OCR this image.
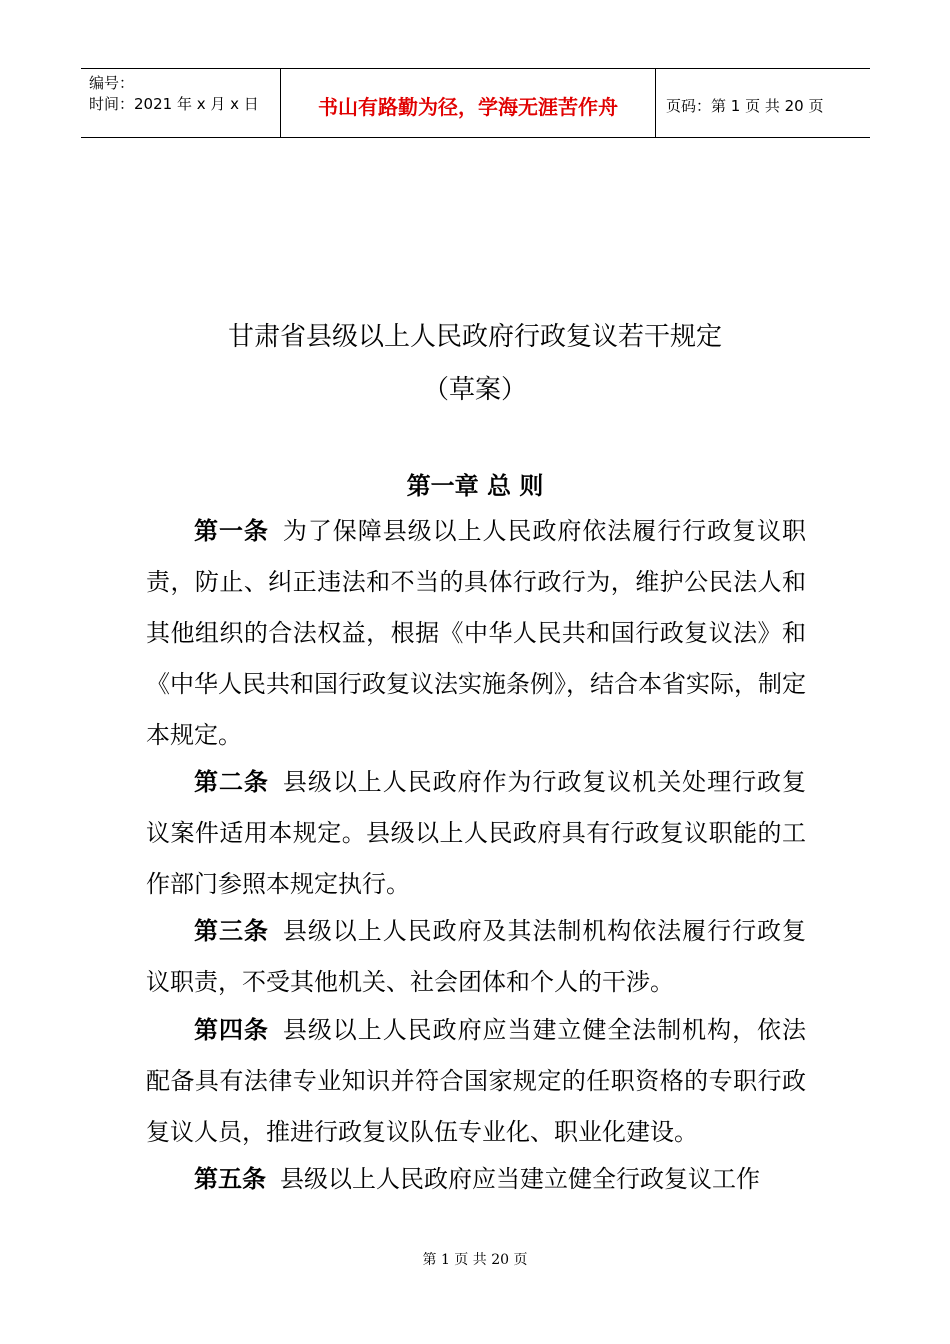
编号：
时间：2021 年 x 月 x 日	书山有路勤为径，学海无涯苦作舟	页码：第 1 页 共 20 页
甘肃省县级以上人民政府行政复议若干规定
（草案）
第一章 总 则

第一条 为了保障县级以上人民政府依法履行行政复议职责，防止、纠正违法和不当的具体行政行为，维护公民法人和其他组织的合法权益，根据《中华人民共和国行政复议法》和《中华人民共和国行政复议法实施条例》，结合本省实际，制定本规定。

第二条 县级以上人民政府作为行政复议机关处理行政复议案件适用本规定。县级以上人民政府具有行政复议职能的工作部门参照本规定执行。

第三条 县级以上人民政府及其法制机构依法履行行政复议职责，不受其他机关、社会团体和个人的干涉。

第四条 县级以上人民政府应当建立健全法制机构，依法配备具有法律专业知识并符合国家规定的任职资格的专职行政复议人员，推进行政复议队伍专业化、职业化建设。

第五条 县级以上人民政府应当建立健全行政复议工作

第 1 页 共 20 页
